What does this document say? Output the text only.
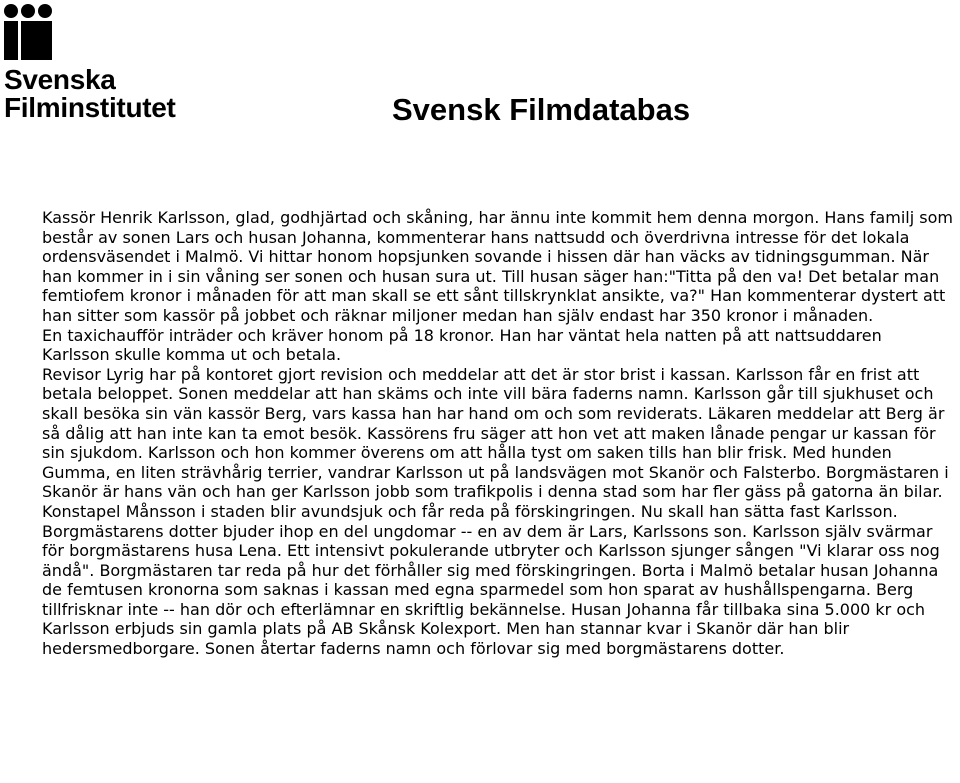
Svenska
Filminstitutet	Svensk Filmdatabas

Kassör Henrik Karlsson, glad, godhjärtad och skåning, har ännu inte kommit hem denna morgon. Hans familj som består av sonen Lars och husan Johanna, kommenterar hans nattsudd och överdrivna intresse för det lokala ordensväsendet i Malmö. Vi hittar honom hopsjunken sovande i hissen där han väcks av tidningsgumman. När han kommer in i sin våning ser sonen och husan sura ut. Till husan säger han:"Titta på den va! Det betalar man femtiofem kronor i månaden för att man skall se ett sånt tillskrynklat ansikte, va?" Han kommenterar dystert att han sitter som kassör på jobbet och räknar miljoner medan han själv endast har 350 kronor i månaden.

En taxichaufför inträder och kräver honom på 18 kronor. Han har väntat hela natten på att nattsuddaren Karlsson skulle komma ut och betala.

Revisor Lyrig har på kontoret gjort revision och meddelar att det är stor brist i kassan. Karlsson får en frist att betala beloppet. Sonen meddelar att han skäms och inte vill bära faderns namn. Karlsson går till sjukhuset och skall besöka sin vän kassör Berg, vars kassa han har hand om och som reviderats. Läkaren meddelar att Berg är så dålig att han inte kan ta emot besök. Kassörens fru säger att hon vet att maken lånade pengar ur kassan för sin sjukdom. Karlsson och hon kommer överens om att hålla tyst om saken tills han blir frisk. Med hunden Gumma, en liten strävhårig terrier, vandrar Karlsson ut på landsvägen mot Skanör och Falsterbo. Borgmästaren i Skanör är hans vän och han ger Karlsson jobb som trafikpolis i denna stad som har fler gäss på gatorna än bilar. Konstapel Månsson i staden blir avundsjuk och får reda på förskingringen. Nu skall han sätta fast Karlsson. Borgmästarens dotter bjuder ihop en del ungdomar -- en av dem är Lars, Karlssons son. Karlsson själv svärmar för borgmästarens husa Lena. Ett intensivt pokulerande utbryter och Karlsson sjunger sången "Vi klarar oss nog ändå". Borgmästaren tar reda på hur det förhåller sig med förskingringen. Borta i Malmö betalar husan Johanna de femtusen kronorna som saknas i kassan med egna sparmedel som hon sparat av hushållspengarna. Berg tillfrisknar inte -- han dör och efterlämnar en skriftlig bekännelse. Husan Johanna får tillbaka sina 5.000 kr och Karlsson erbjuds sin gamla plats på AB Skånsk Kolexport. Men han stannar kvar i Skanör där han blir hedersmedborgare. Sonen återtar faderns namn och förlovar sig med borgmästarens dotter.
